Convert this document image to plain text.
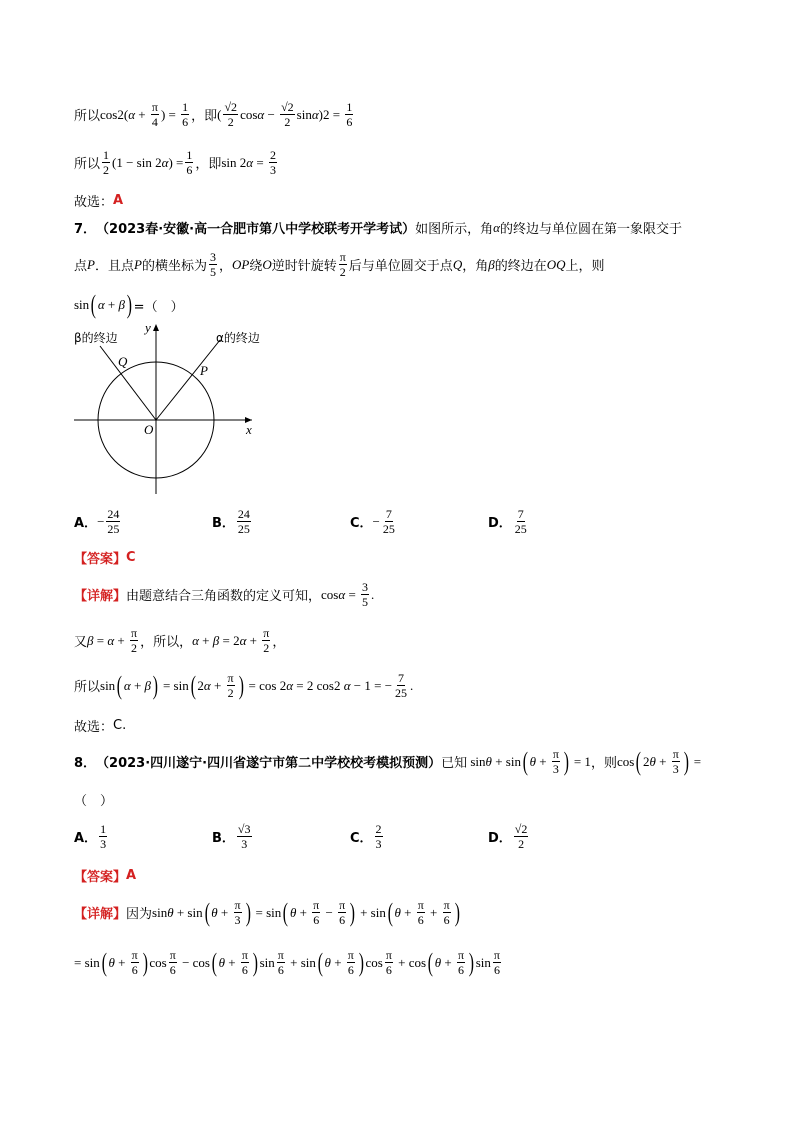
所以 cos 2 ( $\alpha + \frac{\pi}{4}$ ) = $\frac{1}{6}$ ，即 ( $\frac{√2}{2}$ $\cos \alpha - \frac{√2}{2}$ sin α ) $2 = \frac{1}{6}$
所以 $\frac{1}{2} (1 - \sin 2$ α ) = $\frac{1}{6}$ ，即 sin 2 $\alpha = \frac{2}{3}$
故选： A
7． （2023春·安徽·高一合肥市第八中学校联考开学考试） 如图所示，角 α 的终边与单位圆在第一象限交于
点 P ．且点 P 的横坐标为 $\frac{3}{5}$ ， OP 绕 O 逆时针旋转 $\frac{\pi}{2}$ 后与单位圆交于点 Q ，角 β 的终边在 OQ 上，则
sin ( α + β ) =（　）
β的终边	α的终边
Q
P
O	x
y
A． − $\frac{24}{25}$	B． $\frac{24}{25}$	C． − $\frac{7}{25}$	D． $\frac{7}{25}$
【答案】 C
【详解】 由题意结合三角函数的定义可知， $\cos \alpha = \frac{3}{5}$ .
又 $\beta = \alpha + \frac{\pi}{2}$ ，所以， α + β = 2 $\alpha + \frac{\pi}{2}$ ，
所以 sin ( α + β ) = sin ( 2 $\alpha + \frac{\pi}{2}$ ) = cos 2 α = 2 cos 2 α − 1 = − $\frac{7}{25}$ .
故选： C.
8． （2023·四川遂宁·四川省遂宁市第二中学校校考模拟预测） 已知 sin θ + sin ( $\theta + \frac{\pi}{3}$ ) = 1 ，则 cos ( 2 $\theta + \frac{\pi}{3}$ ) =
（　）
A． $\frac{1}{3}$	B． $\frac{√3}{3}$	C． $\frac{2}{3}$	D． $\frac{√2}{2}$
【答案】 A
【详解】 因为 sin θ + sin ( $\theta + \frac{\pi}{3}$ ) = sin ( $\theta + \frac{\pi}{6} - \frac{\pi}{6}$ ) + sin ( $\theta + \frac{\pi}{6} + \frac{\pi}{6}$ )
= sin ( $\theta + \frac{\pi}{6}$ ) $\cos \frac{\pi}{6} - \cos$ ( $\theta + \frac{\pi}{6}$ ) $\sin \frac{\pi}{6} + \sin$ ( $\theta + \frac{\pi}{6}$ ) $\cos \frac{\pi}{6} + \cos$ ( $\theta + \frac{\pi}{6}$ ) $\sin \frac{\pi}{6}$
